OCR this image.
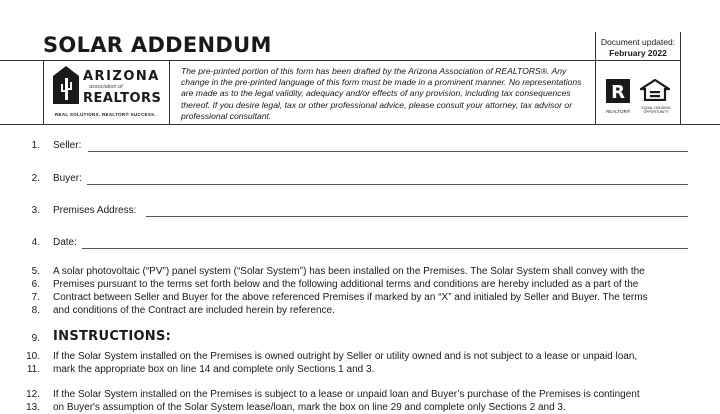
SOLAR ADDENDUM	Document updated:
February 2022
ARIZONA
association of
REALTORS
REAL SOLUTIONS. REALTOR® SUCCESS.
The pre-printed portion of this form has been drafted by the Arizona Association of REALTORS®. Any change in the pre-printed language of this form must be made in a prominent manner. No representations are made as to the legal validity, adequacy and/or effects of any provision, including tax consequences thereof. If you desire legal, tax or other professional advice, please consult your attorney, tax advisor or professional consultant.
R
REALTOR®
EQUAL HOUSING OPPORTUNITY
1. Seller:
2. Buyer:
3. Premises Address:
4. Date:
5.
6.
7.
8.
A solar photovoltaic (“PV”) panel system (“Solar System”) has been installed on the Premises. The Solar System shall convey with the
Premises pursuant to the terms set forth below and the following additional terms and conditions are hereby included as a part of the
Contract between Seller and Buyer for the above referenced Premises if marked by an “X” and initialed by Seller and Buyer. The terms
and conditions of the Contract are included herein by reference.
9. INSTRUCTIONS:
10.
11.
If the Solar System installed on the Premises is owned outright by Seller or utility owned and is not subject to a lease or unpaid loan,
mark the appropriate box on line 14 and complete only Sections 1 and 3.
12.
13.
If the Solar System installed on the Premises is subject to a lease or unpaid loan and Buyer’s purchase of the Premises is contingent
on Buyer's assumption of the Solar System lease/loan, mark the box on line 29 and complete only Sections 2 and 3.
